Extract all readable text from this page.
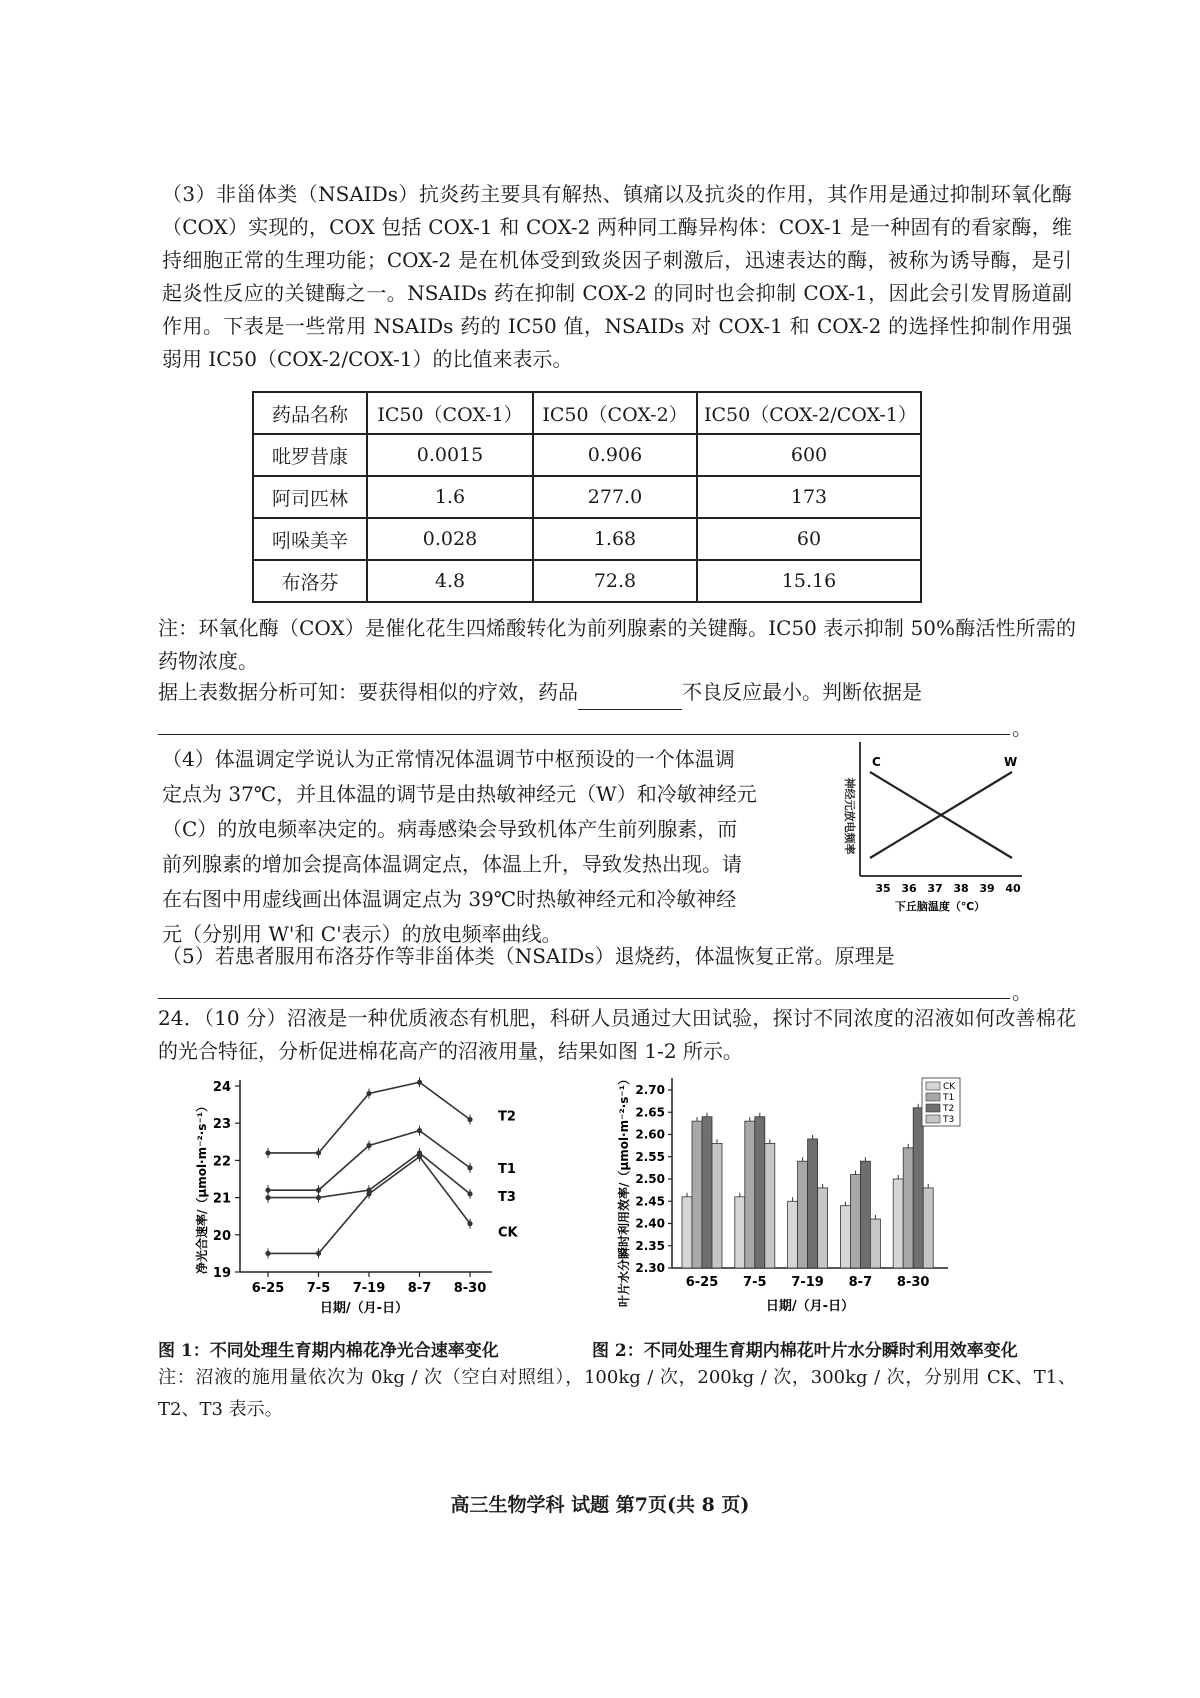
（3）非甾体类（NSAIDs）抗炎药主要具有解热、镇痛以及抗炎的作用，其作用是通过抑制环氧化酶（COX）实现的，COX 包括 COX-1 和 COX-2 两种同工酶异构体：COX-1 是一种固有的看家酶，维持细胞正常的生理功能；COX-2 是在机体受到致炎因子刺激后，迅速表达的酶，被称为诱导酶，是引起炎性反应的关键酶之一。NSAIDs 药在抑制 COX-2 的同时也会抑制 COX-1，因此会引发胃肠道副作用。下表是一些常用 NSAIDs 药的 IC50 值，NSAIDs 对 COX-1 和 COX-2 的选择性抑制作用强弱用 IC50（COX-2/COX-1）的比值来表示。
药品名称	IC50（COX-1）	IC50（COX-2）	IC50（COX-2/COX-1）
吡罗昔康	0.0015	0.906	600
阿司匹林	1.6	277.0	173
吲哚美辛	0.028	1.68	60
布洛芬	4.8	72.8	15.16
注：环氧化酶（COX）是催化花生四烯酸转化为前列腺素的关键酶。IC50 表示抑制 50%酶活性所需的药物浓度。
据上表数据分析可知：要获得相似的疗效，药品	不良反应最小。判断依据是
。
（4）体温调定学说认为正常情况体温调节中枢预设的一个体温调
定点为 37℃，并且体温的调节是由热敏神经元（W）和冷敏神经元
（C）的放电频率决定的。病毒感染会导致机体产生前列腺素，而
前列腺素的增加会提高体温调定点，体温上升，导致发热出现。请
在右图中用虚线画出体温调定点为 39℃时热敏神经元和冷敏神经
元（分别用 W'和 C'表示）的放电频率曲线。
神经元放电频率
C	W
35 36 37 38 39 40
下丘脑温度（℃）
（5）若患者服用布洛芬作等非甾体类（NSAIDs）退烧药，体温恢复正常。原理是
。
24．（10 分）沼液是一种优质液态有机肥，科研人员通过大田试验，探讨不同浓度的沼液如何改善棉花的光合特征，分析促进棉花高产的沼液用量，结果如图 1-2 所示。
净光合速率/（μmol·m⁻²·s⁻¹） 19
20
21
22
23
24
6-25 7-5 7-19 8-7 8-30
T2
T1
T3
CK
日期/（月-日）
叶片水分瞬时利用效率/（μmol·m⁻²·s⁻¹） 2.30
2.35
2.40
2.45
2.50
2.55
2.60
2.65
2.70
6-25 7-5 7-19 8-7 8-30
CK
T1
T2
T3
日期/（月-日）
图 1：不同处理生育期内棉花净光合速率变化	图 2：不同处理生育期内棉花叶片水分瞬时利用效率变化
注：沼液的施用量依次为 0kg / 次（空白对照组），100kg / 次，200kg / 次，300kg / 次，分别用 CK、T1、T2、T3 表示。
高三生物学科 试题 第7页(共 8 页)
